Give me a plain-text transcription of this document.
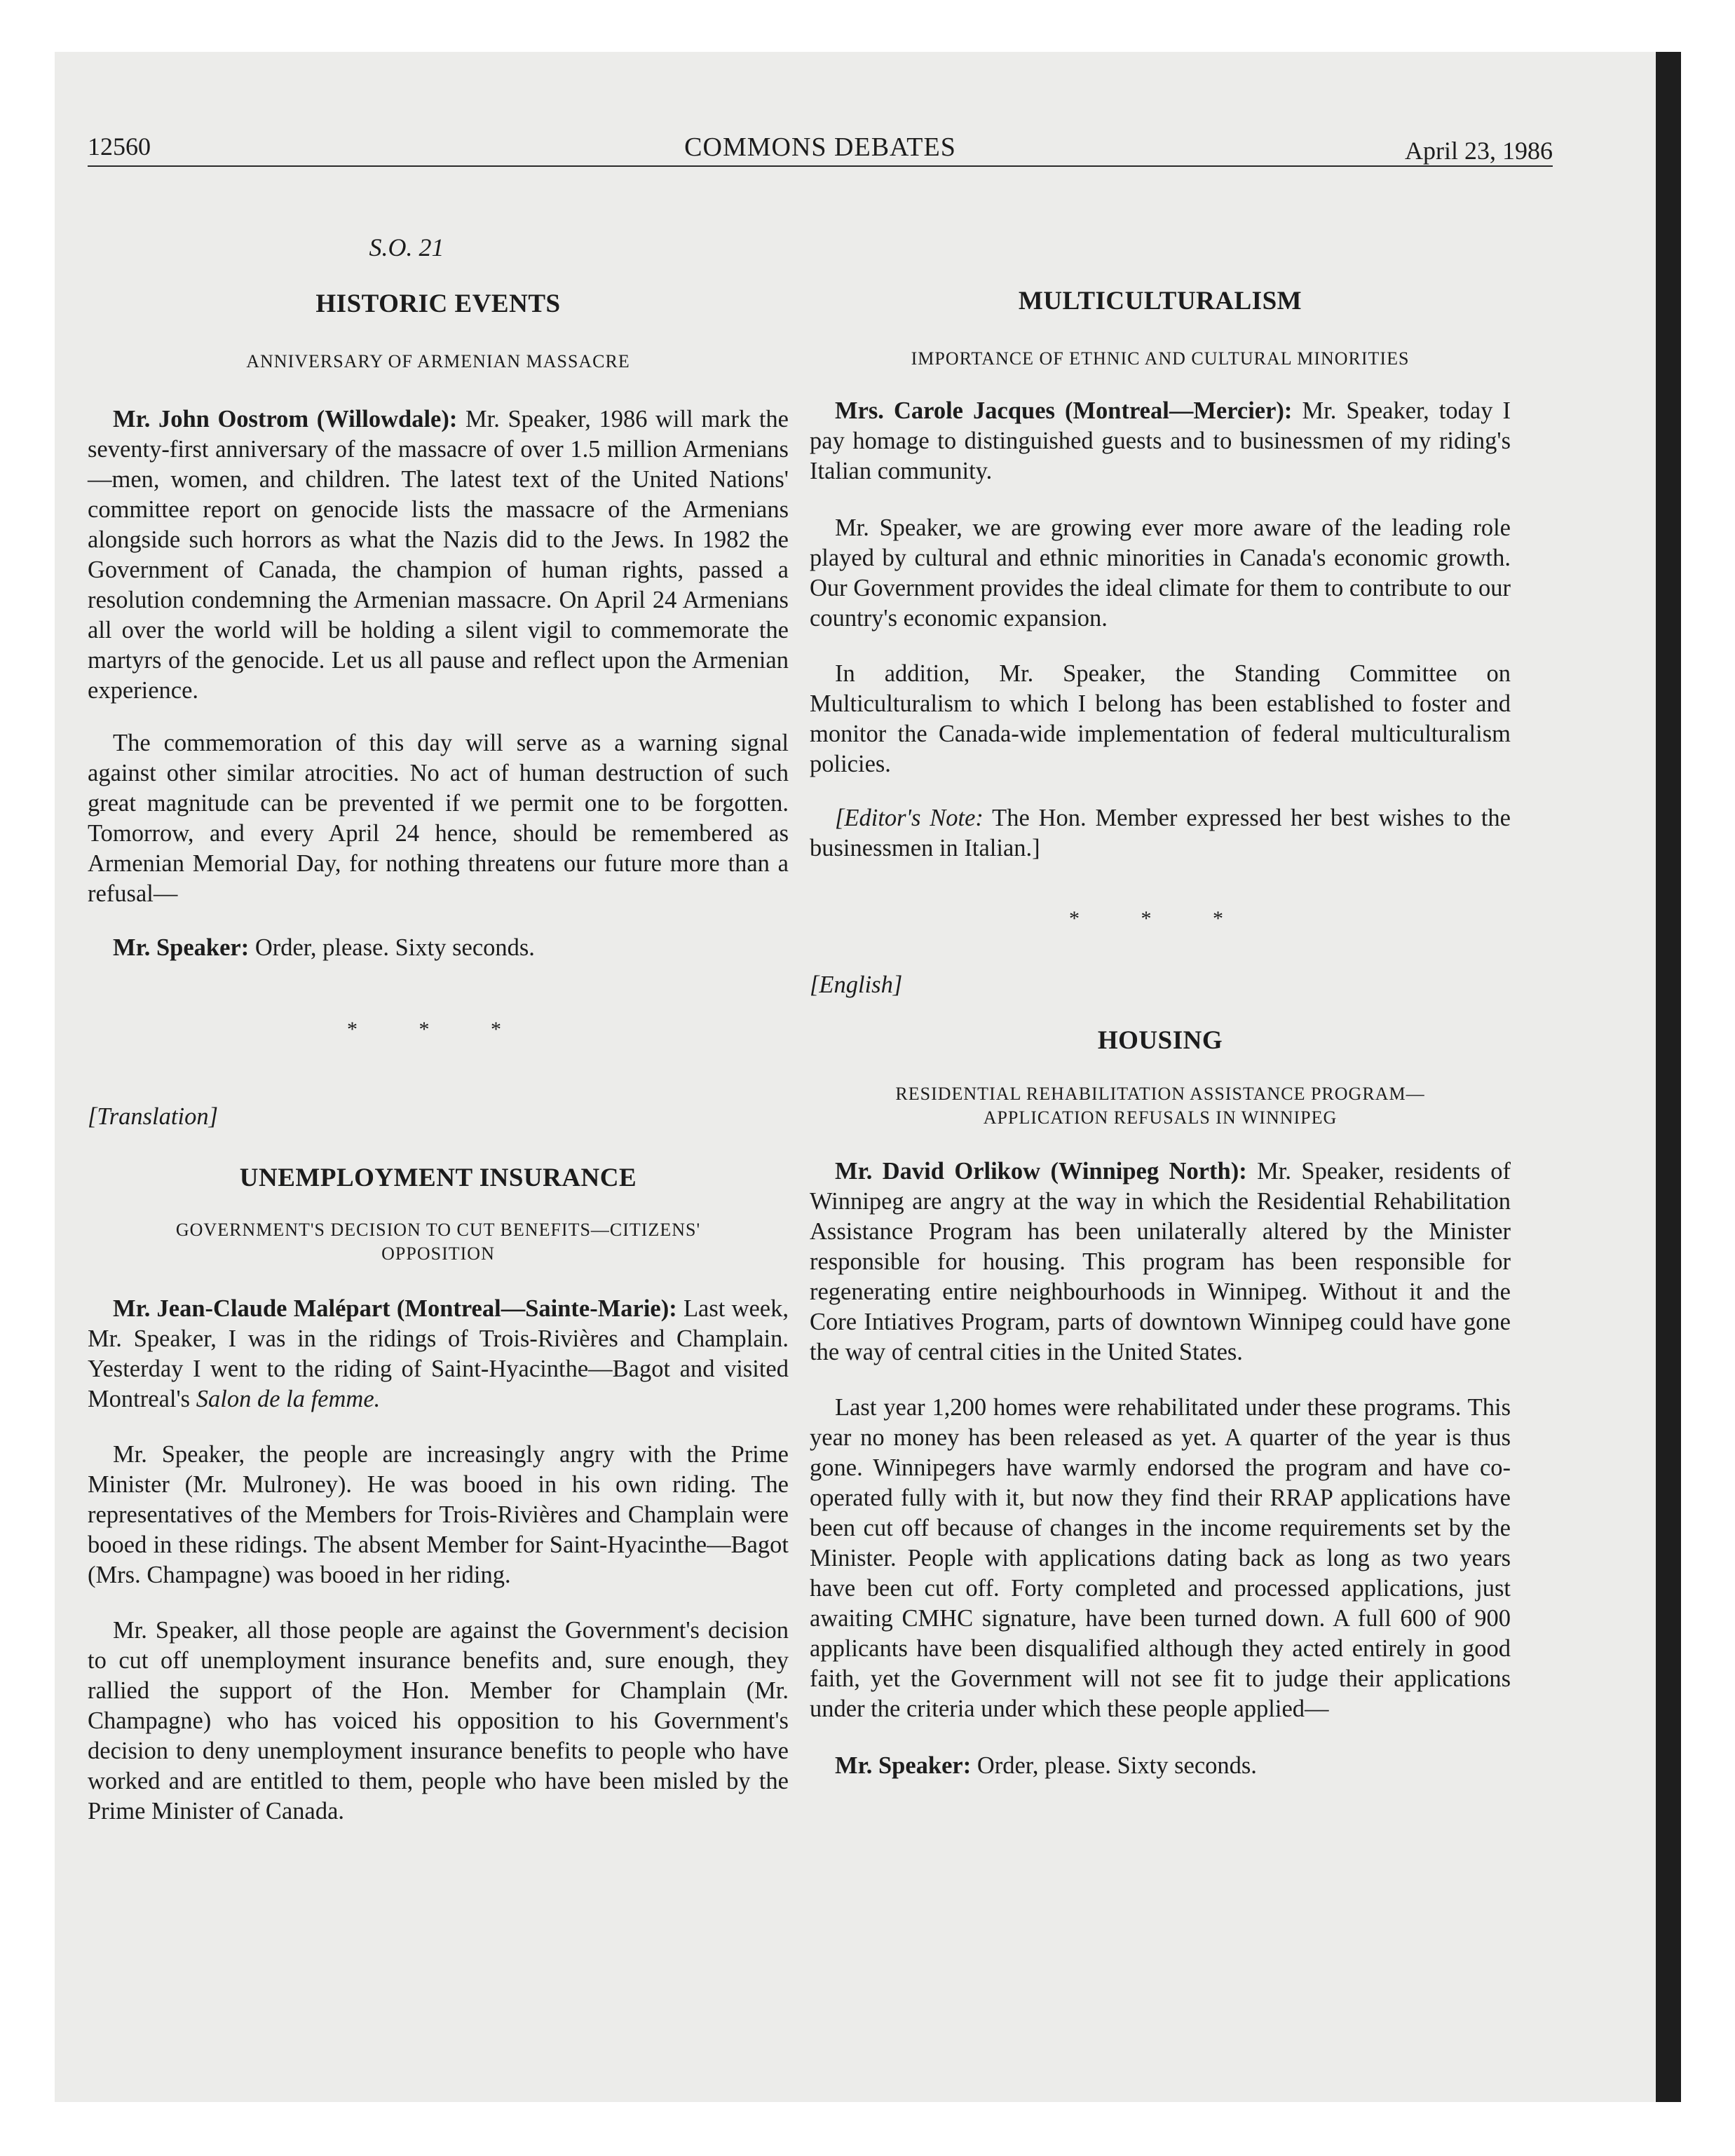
12560	COMMONS DEBATES	April 23, 1986
S.O. 21
HISTORIC EVENTS
ANNIVERSARY OF ARMENIAN MASSACRE

Mr. John Oostrom (Willowdale): Mr. Speaker, 1986 will mark the seventy-first anniversary of the massacre of over 1.5 million Armenians—men, women, and children. The latest text of the United Nations' committee report on genocide lists the massacre of the Armenians alongside such horrors as what the Nazis did to the Jews. In 1982 the Government of Canada, the champion of human rights, passed a resolution condemning the Armenian massacre. On April 24 Armenians all over the world will be holding a silent vigil to commemorate the martyrs of the genocide. Let us all pause and reflect upon the Armenian experience.

The commemoration of this day will serve as a warning signal against other similar atrocities. No act of human destruction of such great magnitude can be prevented if we permit one to be forgotten. Tomorrow, and every April 24 hence, should be remembered as Armenian Memorial Day, for nothing threatens our future more than a refusal—

Mr. Speaker: Order, please. Sixty seconds.

* * *

[Translation]

UNEMPLOYMENT INSURANCE
GOVERNMENT'S DECISION TO CUT BENEFITS—CITIZENS'
OPPOSITION

Mr. Jean-Claude Malépart (Montreal—Sainte-Marie): Last week, Mr. Speaker, I was in the ridings of Trois-Rivières and Champlain. Yesterday I went to the riding of Saint-Hyacinthe—Bagot and visited Montreal's Salon de la femme.

Mr. Speaker, the people are increasingly angry with the Prime Minister (Mr. Mulroney). He was booed in his own riding. The representatives of the Members for Trois-Rivières and Champlain were booed in these ridings. The absent Member for Saint-Hyacinthe—Bagot (Mrs. Champagne) was booed in her riding.

Mr. Speaker, all those people are against the Government's decision to cut off unemployment insurance benefits and, sure enough, they rallied the support of the Hon. Member for Champlain (Mr. Champagne) who has voiced his opposition to his Government's decision to deny unemployment insurance benefits to people who have worked and are entitled to them, people who have been misled by the Prime Minister of Canada.

MULTICULTURALISM
IMPORTANCE OF ETHNIC AND CULTURAL MINORITIES

Mrs. Carole Jacques (Montreal—Mercier): Mr. Speaker, today I pay homage to distinguished guests and to businessmen of my riding's Italian community.

Mr. Speaker, we are growing ever more aware of the leading role played by cultural and ethnic minorities in Canada's economic growth. Our Government provides the ideal climate for them to contribute to our country's economic expansion.

In addition, Mr. Speaker, the Standing Committee on Multiculturalism to which I belong has been established to foster and monitor the Canada-wide implementation of federal multiculturalism policies.

[Editor's Note: The Hon. Member expressed her best wishes to the businessmen in Italian.]

* * *

[English]

HOUSING
RESIDENTIAL REHABILITATION ASSISTANCE PROGRAM—
APPLICATION REFUSALS IN WINNIPEG

Mr. David Orlikow (Winnipeg North): Mr. Speaker, residents of Winnipeg are angry at the way in which the Residential Rehabilitation Assistance Program has been unilaterally altered by the Minister responsible for housing. This program has been responsible for regenerating entire neighbourhoods in Winnipeg. Without it and the Core Intiatives Program, parts of downtown Winnipeg could have gone the way of central cities in the United States.

Last year 1,200 homes were rehabilitated under these programs. This year no money has been released as yet. A quarter of the year is thus gone. Winnipegers have warmly endorsed the program and have co-operated fully with it, but now they find their RRAP applications have been cut off because of changes in the income requirements set by the Minister. People with applications dating back as long as two years have been cut off. Forty completed and processed applications, just awaiting CMHC signature, have been turned down. A full 600 of 900 applicants have been disqualified although they acted entirely in good faith, yet the Government will not see fit to judge their applications under the criteria under which these people applied—

Mr. Speaker: Order, please. Sixty seconds.
